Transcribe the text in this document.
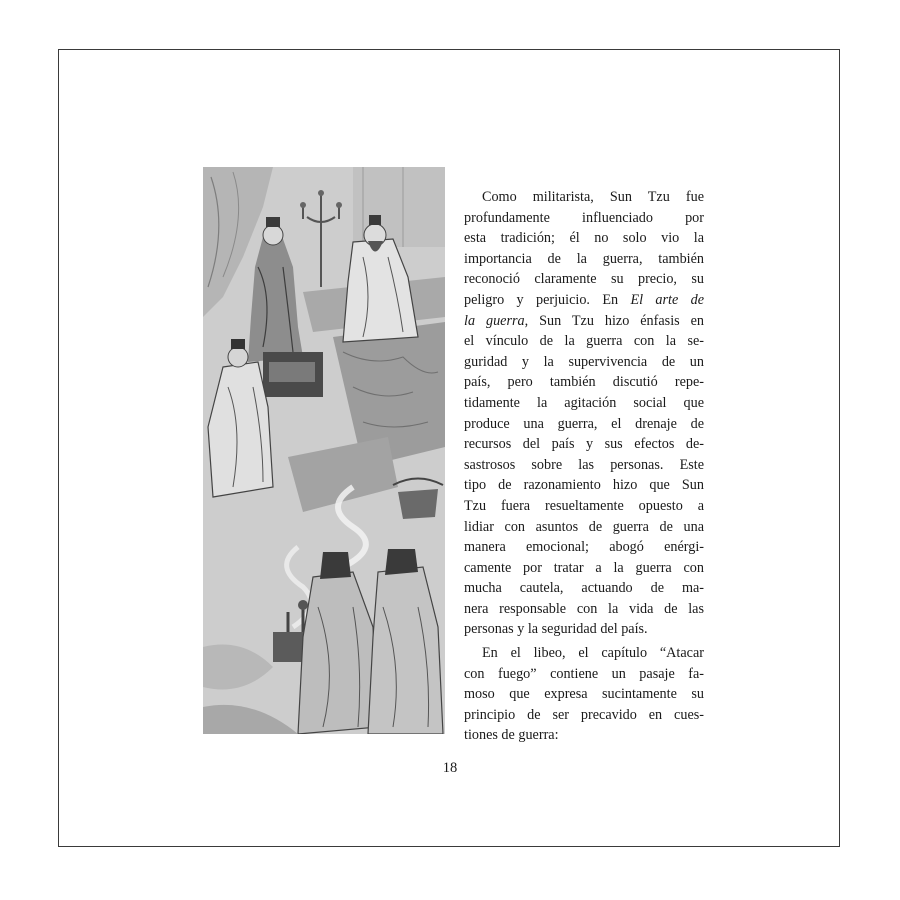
Como militarista, Sun Tzu fue
profundamente influenciado por
esta tradición; él no solo vio la
importancia de la guerra, también
reconoció claramente su precio, su
peligro y perjuicio. En El arte de
la guerra, Sun Tzu hizo énfasis en
el vínculo de la guerra con la se-
guridad y la supervivencia de un
país, pero también discutió repe-
tidamente la agitación social que
produce una guerra, el drenaje de
recursos del país y sus efectos de-
sastrosos sobre las personas. Este
tipo de razonamiento hizo que Sun
Tzu fuera resueltamente opuesto a
lidiar con asuntos de guerra de una
manera emocional; abogó enérgi-
camente por tratar a la guerra con
mucha cautela, actuando de ma-
nera responsable con la vida de las
personas y la seguridad del país.
En el libeo, el capítulo “Atacar
con fuego” contiene un pasaje fa-
moso que expresa sucintamente su
principio de ser precavido en cues-
tiones de guerra:
18
